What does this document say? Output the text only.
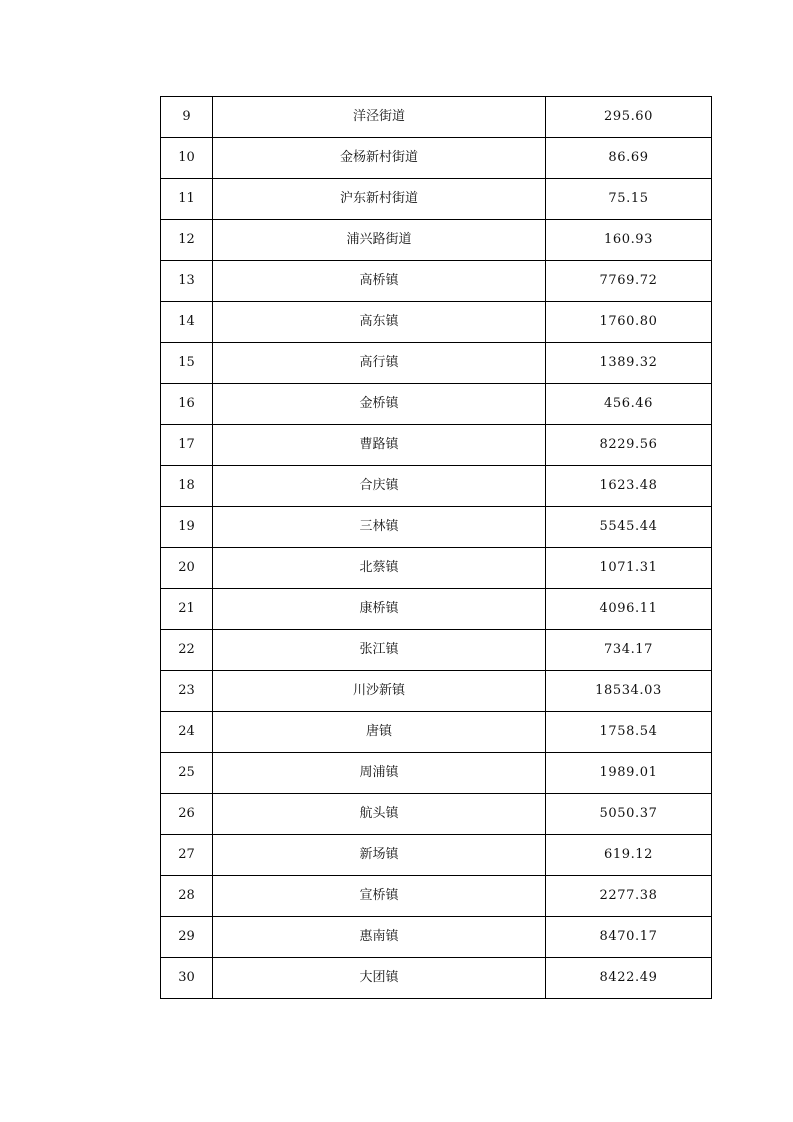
9	洋泾街道	295.60
10	金杨新村街道	86.69
11	沪东新村街道	75.15
12	浦兴路街道	160.93
13	高桥镇	7769.72
14	高东镇	1760.80
15	高行镇	1389.32
16	金桥镇	456.46
17	曹路镇	8229.56
18	合庆镇	1623.48
19	三林镇	5545.44
20	北蔡镇	1071.31
21	康桥镇	4096.11
22	张江镇	734.17
23	川沙新镇	18534.03
24	唐镇	1758.54
25	周浦镇	1989.01
26	航头镇	5050.37
27	新场镇	619.12
28	宣桥镇	2277.38
29	惠南镇	8470.17
30	大团镇	8422.49
